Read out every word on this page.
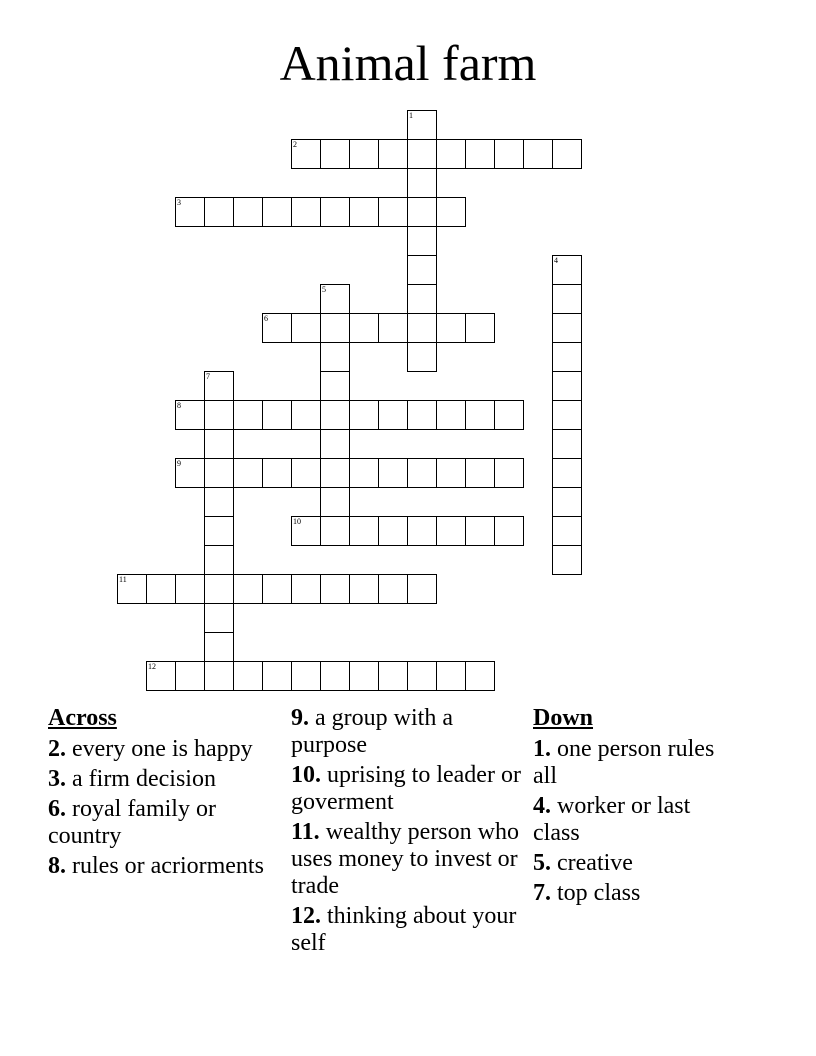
Animal farm
1
2
3
4
5
6
7
8
9
10
11
12
Across
2. every one is happy
3. a firm decision
6. royal family or country
8. rules or acriorments
9. a group with a purpose
10. uprising to leader or goverment
11. wealthy person who uses money to invest or trade
12. thinking about your self
Down
1. one person rules all
4. worker or last class
5. creative
7. top class
